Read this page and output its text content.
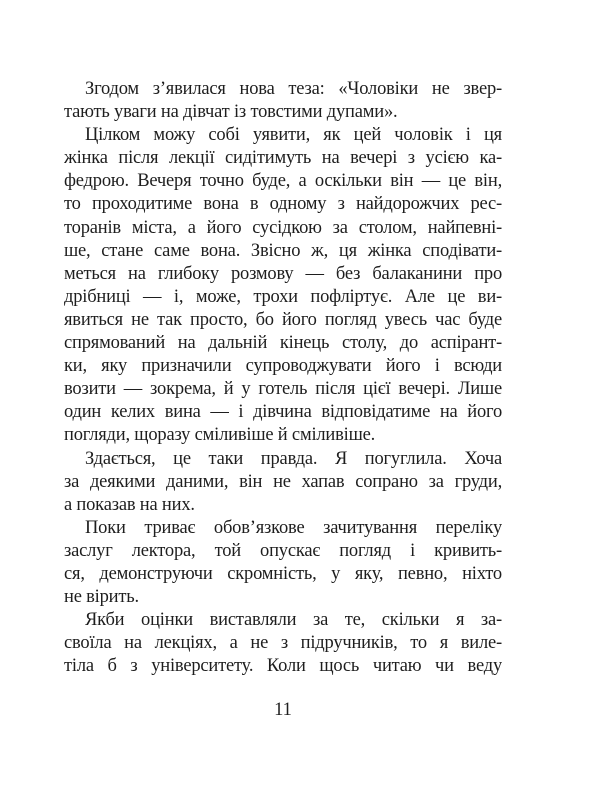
Згодом з’явилася нова теза: «Чоловіки не звер-
тають уваги на дівчат із товстими дупами».
Цілком можу собі уявити, як цей чоловік і ця
жінка після лекції сидітимуть на вечері з усією ка-
федрою. Вечеря точно буде, а оскільки він — це він,
то проходитиме вона в одному з найдорожчих рес-
торанів міста, а його сусідкою за столом, найпевні-
ше, стане саме вона. Звісно ж, ця жінка сподівати-
меться на глибоку розмову — без балаканини про
дрібниці — і, може, трохи пофліртує. Але це ви-
явиться не так просто, бо його погляд увесь час буде
спрямований на дальній кінець столу, до аспірант-
ки, яку призначили супроводжувати його і всюди
возити — зокрема, й у готель після цієї вечері. Лише
один келих вина — і дівчина відповідатиме на його
погляди, щоразу сміливіше й сміливіше.
Здається, це таки правда. Я погуглила. Хоча
за деякими даними, він не хапав сопрано за груди,
а показав на них.
Поки триває обов’язкове зачитування переліку
заслуг лектора, той опускає погляд і кривить-
ся, демонструючи скромність, у яку, певно, ніхто
не вірить.
Якби оцінки виставляли за те, скільки я за-
своїла на лекціях, а не з підручників, то я виле-
тіла б з університету. Коли щось читаю чи веду
11
